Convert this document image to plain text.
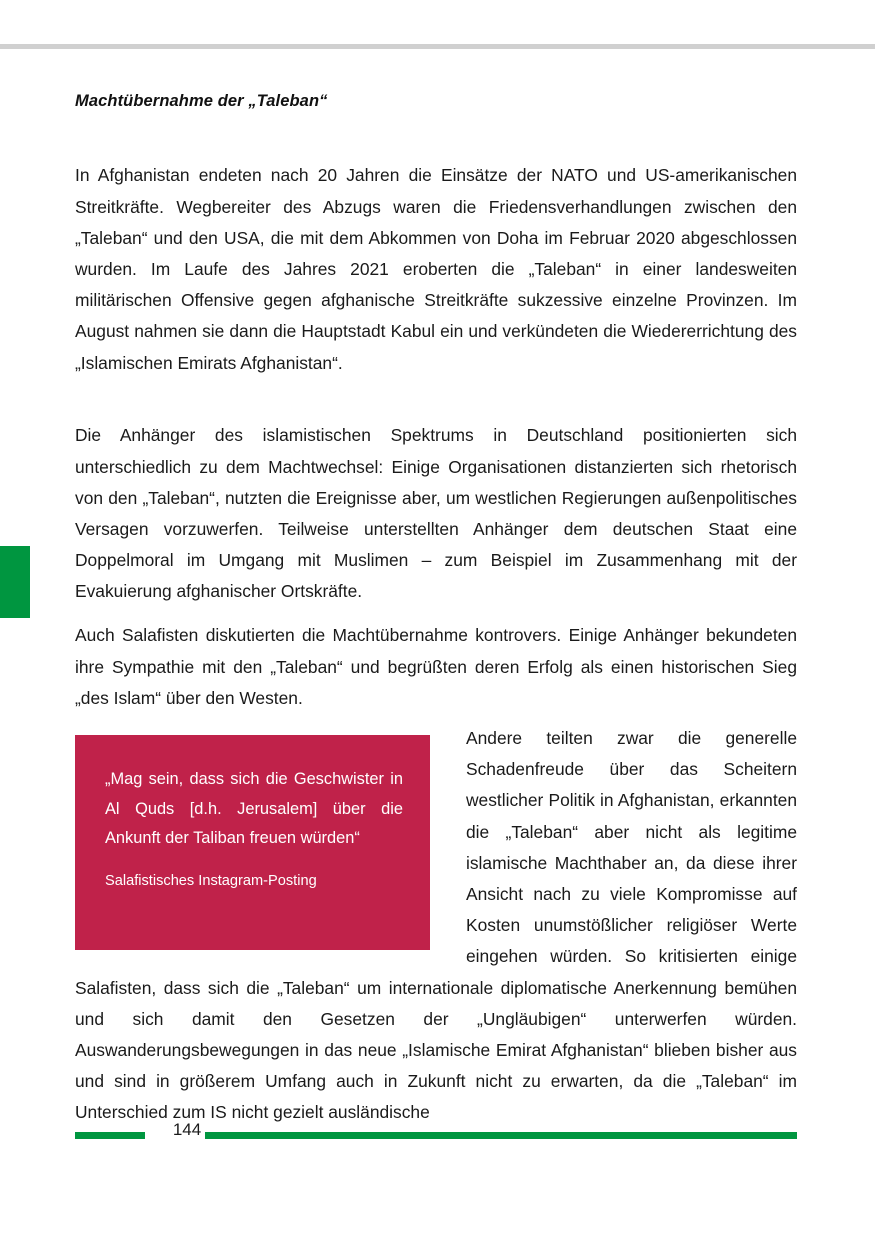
Machtübernahme der „Taleban“

In Afghanistan endeten nach 20 Jahren die Einsätze der NATO und US-amerikanischen Streitkräfte. Wegbereiter des Abzugs waren die Friedensverhandlungen zwischen den „Taleban“ und den USA, die mit dem Abkommen von Doha im Februar 2020 abgeschlossen wurden. Im Laufe des Jahres 2021 eroberten die „Taleban“ in einer landesweiten militärischen Offensive gegen afghanische Streitkräfte sukzessive einzelne Provinzen. Im August nahmen sie dann die Hauptstadt Kabul ein und verkündeten die Wiedererrichtung des „Islamischen Emirats Afghanistan“.

Die Anhänger des islamistischen Spektrums in Deutschland positionierten sich unterschiedlich zu dem Machtwechsel: Einige Organisationen distanzierten sich rhetorisch von den „Taleban“, nutzten die Ereignisse aber, um westlichen Regierungen außenpolitisches Versagen vorzuwerfen. Teilweise unterstellten Anhänger dem deutschen Staat eine Doppelmoral im Umgang mit Muslimen – zum Beispiel im Zusammenhang mit der Evakuierung afghanischer Ortskräfte.

Auch Salafisten diskutierten die Machtübernahme kontrovers. Einige Anhänger bekundeten ihre Sympathie mit den „Taleban“ und begrüßten deren Erfolg als einen historischen Sieg „des Islam“ über den Westen.

„Mag sein, dass sich die Geschwister in Al Quds [d.h. Jerusalem] über die Ankunft der Taliban freuen würden“
Salafistisches Instagram-Posting
Andere teilten zwar die generelle Schadenfreude über das Scheitern westlicher Politik in Afghanistan, erkannten die „Taleban“ aber nicht als legitime islamische Machthaber an, da diese ihrer Ansicht nach zu viele Kompromisse auf Kosten unumstößlicher religiöser Werte eingehen würden. So kritisierten einige Salafisten, dass sich die „Taleban“ um internationale diplomatische Anerkennung bemühen und sich damit den Gesetzen der „Ungläubigen“ unterwerfen würden. Auswanderungsbewegungen in das neue „Islamische Emirat Afghanistan“ blieben bisher aus und sind in größerem Umfang auch in Zukunft nicht zu erwarten, da die „Taleban“ im Unterschied zum IS nicht gezielt ausländische
144
